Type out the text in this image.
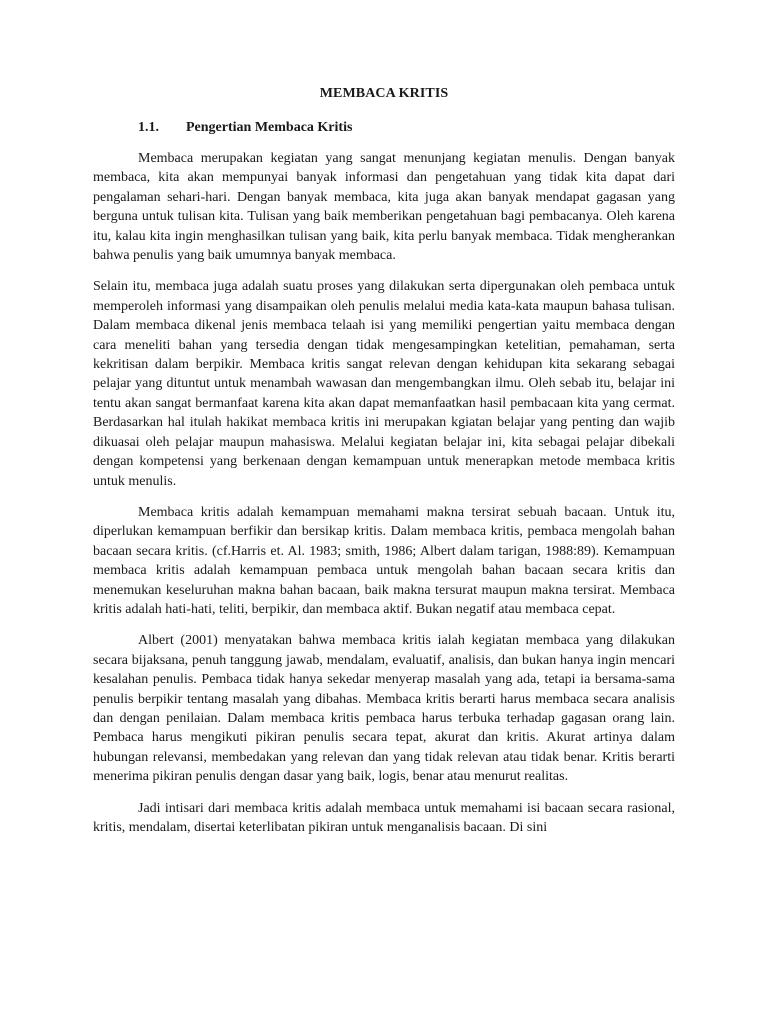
MEMBACA KRITIS
1.1. Pengertian Membaca Kritis

Membaca merupakan kegiatan yang sangat menunjang kegiatan menulis. Dengan banyak membaca, kita akan mempunyai banyak informasi dan pengetahuan yang tidak kita dapat dari pengalaman sehari-hari. Dengan banyak membaca, kita juga akan banyak mendapat gagasan yang berguna untuk tulisan kita. Tulisan yang baik memberikan pengetahuan bagi pembacanya. Oleh karena itu, kalau kita ingin menghasilkan tulisan yang baik, kita perlu banyak membaca. Tidak mengherankan bahwa penulis yang baik umumnya banyak membaca.

Selain itu, membaca juga adalah suatu proses yang dilakukan serta dipergunakan oleh pembaca untuk memperoleh informasi yang disampaikan oleh penulis melalui media kata-kata maupun bahasa tulisan. Dalam membaca dikenal jenis membaca telaah isi yang memiliki pengertian yaitu membaca dengan cara meneliti bahan yang tersedia dengan tidak mengesampingkan ketelitian, pemahaman, serta kekritisan dalam berpikir. Membaca kritis sangat relevan dengan kehidupan kita sekarang sebagai pelajar yang dituntut untuk menambah wawasan dan mengembangkan ilmu. Oleh sebab itu, belajar ini tentu akan sangat bermanfaat karena kita akan dapat memanfaatkan hasil pembacaan kita yang cermat. Berdasarkan hal itulah hakikat membaca kritis ini merupakan kgiatan belajar yang penting dan wajib dikuasai oleh pelajar maupun mahasiswa. Melalui kegiatan belajar ini, kita sebagai pelajar dibekali dengan kompetensi yang berkenaan dengan kemampuan untuk menerapkan metode membaca kritis untuk menulis.

Membaca kritis adalah kemampuan memahami makna tersirat sebuah bacaan. Untuk itu, diperlukan kemampuan berfikir dan bersikap kritis. Dalam membaca kritis, pembaca mengolah bahan bacaan secara kritis. (cf.Harris et. Al. 1983; smith, 1986; Albert dalam tarigan, 1988:89). Kemampuan membaca kritis adalah kemampuan pembaca untuk mengolah bahan bacaan secara kritis dan menemukan keseluruhan makna bahan bacaan, baik makna tersurat maupun makna tersirat. Membaca kritis adalah hati-hati, teliti, berpikir, dan membaca aktif. Bukan negatif atau membaca cepat.

Albert (2001) menyatakan bahwa membaca kritis ialah kegiatan membaca yang dilakukan secara bijaksana, penuh tanggung jawab, mendalam, evaluatif, analisis, dan bukan hanya ingin mencari kesalahan penulis. Pembaca tidak hanya sekedar menyerap masalah yang ada, tetapi ia bersama-sama penulis berpikir tentang masalah yang dibahas. Membaca kritis berarti harus membaca secara analisis dan dengan penilaian. Dalam membaca kritis pembaca harus terbuka terhadap gagasan orang lain. Pembaca harus mengikuti pikiran penulis secara tepat, akurat dan kritis. Akurat artinya dalam hubungan relevansi, membedakan yang relevan dan yang tidak relevan atau tidak benar. Kritis berarti menerima pikiran penulis dengan dasar yang baik, logis, benar atau menurut realitas.

Jadi intisari dari membaca kritis adalah membaca untuk memahami isi bacaan secara rasional, kritis, mendalam, disertai keterlibatan pikiran untuk menganalisis bacaan. Di sini
